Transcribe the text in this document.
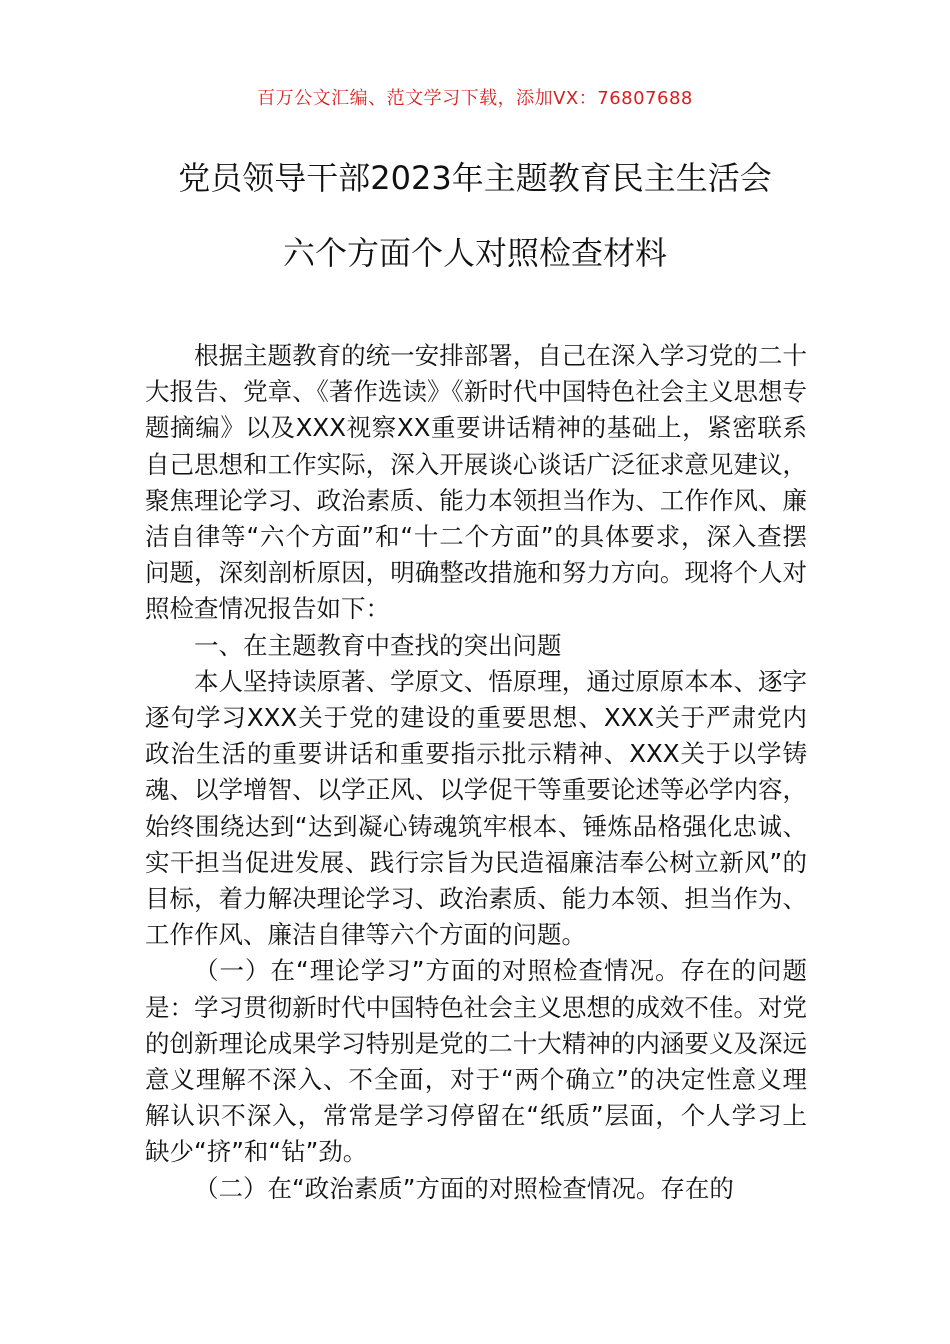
百万公文汇编、范文学习下载，添加VX：76807688
党员领导干部2023年主题教育民主生活会
六个方面个人对照检查材料

根据主题教育的统一安排部署，自己在深入学习党的二十大报告、党章、《著作选读》《新时代中国特色社会主义思想专题摘编》以及XXX视察XX重要讲话精神的基础上，紧密联系自己思想和工作实际，深入开展谈心谈话广泛征求意见建议，聚焦理论学习、政治素质、能力本领担当作为、工作作风、廉洁自律等“六个方面”和“十二个方面”的具体要求，深入查摆问题，深刻剖析原因，明确整改措施和努力方向。现将个人对照检查情况报告如下：

一、在主题教育中查找的突出问题

本人坚持读原著、学原文、悟原理，通过原原本本、逐字逐句学习XXX关于党的建设的重要思想、XXX关于严肃党内政治生活的重要讲话和重要指示批示精神、XXX关于以学铸魂、以学增智、以学正风、以学促干等重要论述等必学内容，始终围绕达到“达到凝心铸魂筑牢根本、锤炼品格强化忠诚、实干担当促进发展、践行宗旨为民造福廉洁奉公树立新风”的目标，着力解决理论学习、政治素质、能力本领、担当作为、工作作风、廉洁自律等六个方面的问题。

（一）在“理论学习”方面的对照检查情况。存在的问题是：学习贯彻新时代中国特色社会主义思想的成效不佳。对党的创新理论成果学习特别是党的二十大精神的内涵要义及深远意义理解不深入、不全面，对于“两个确立”的决定性意义理解认识不深入，常常是学习停留在“纸质”层面，个人学习上缺少“挤”和“钻”劲。

（二）在“政治素质”方面的对照检查情况。存在的
